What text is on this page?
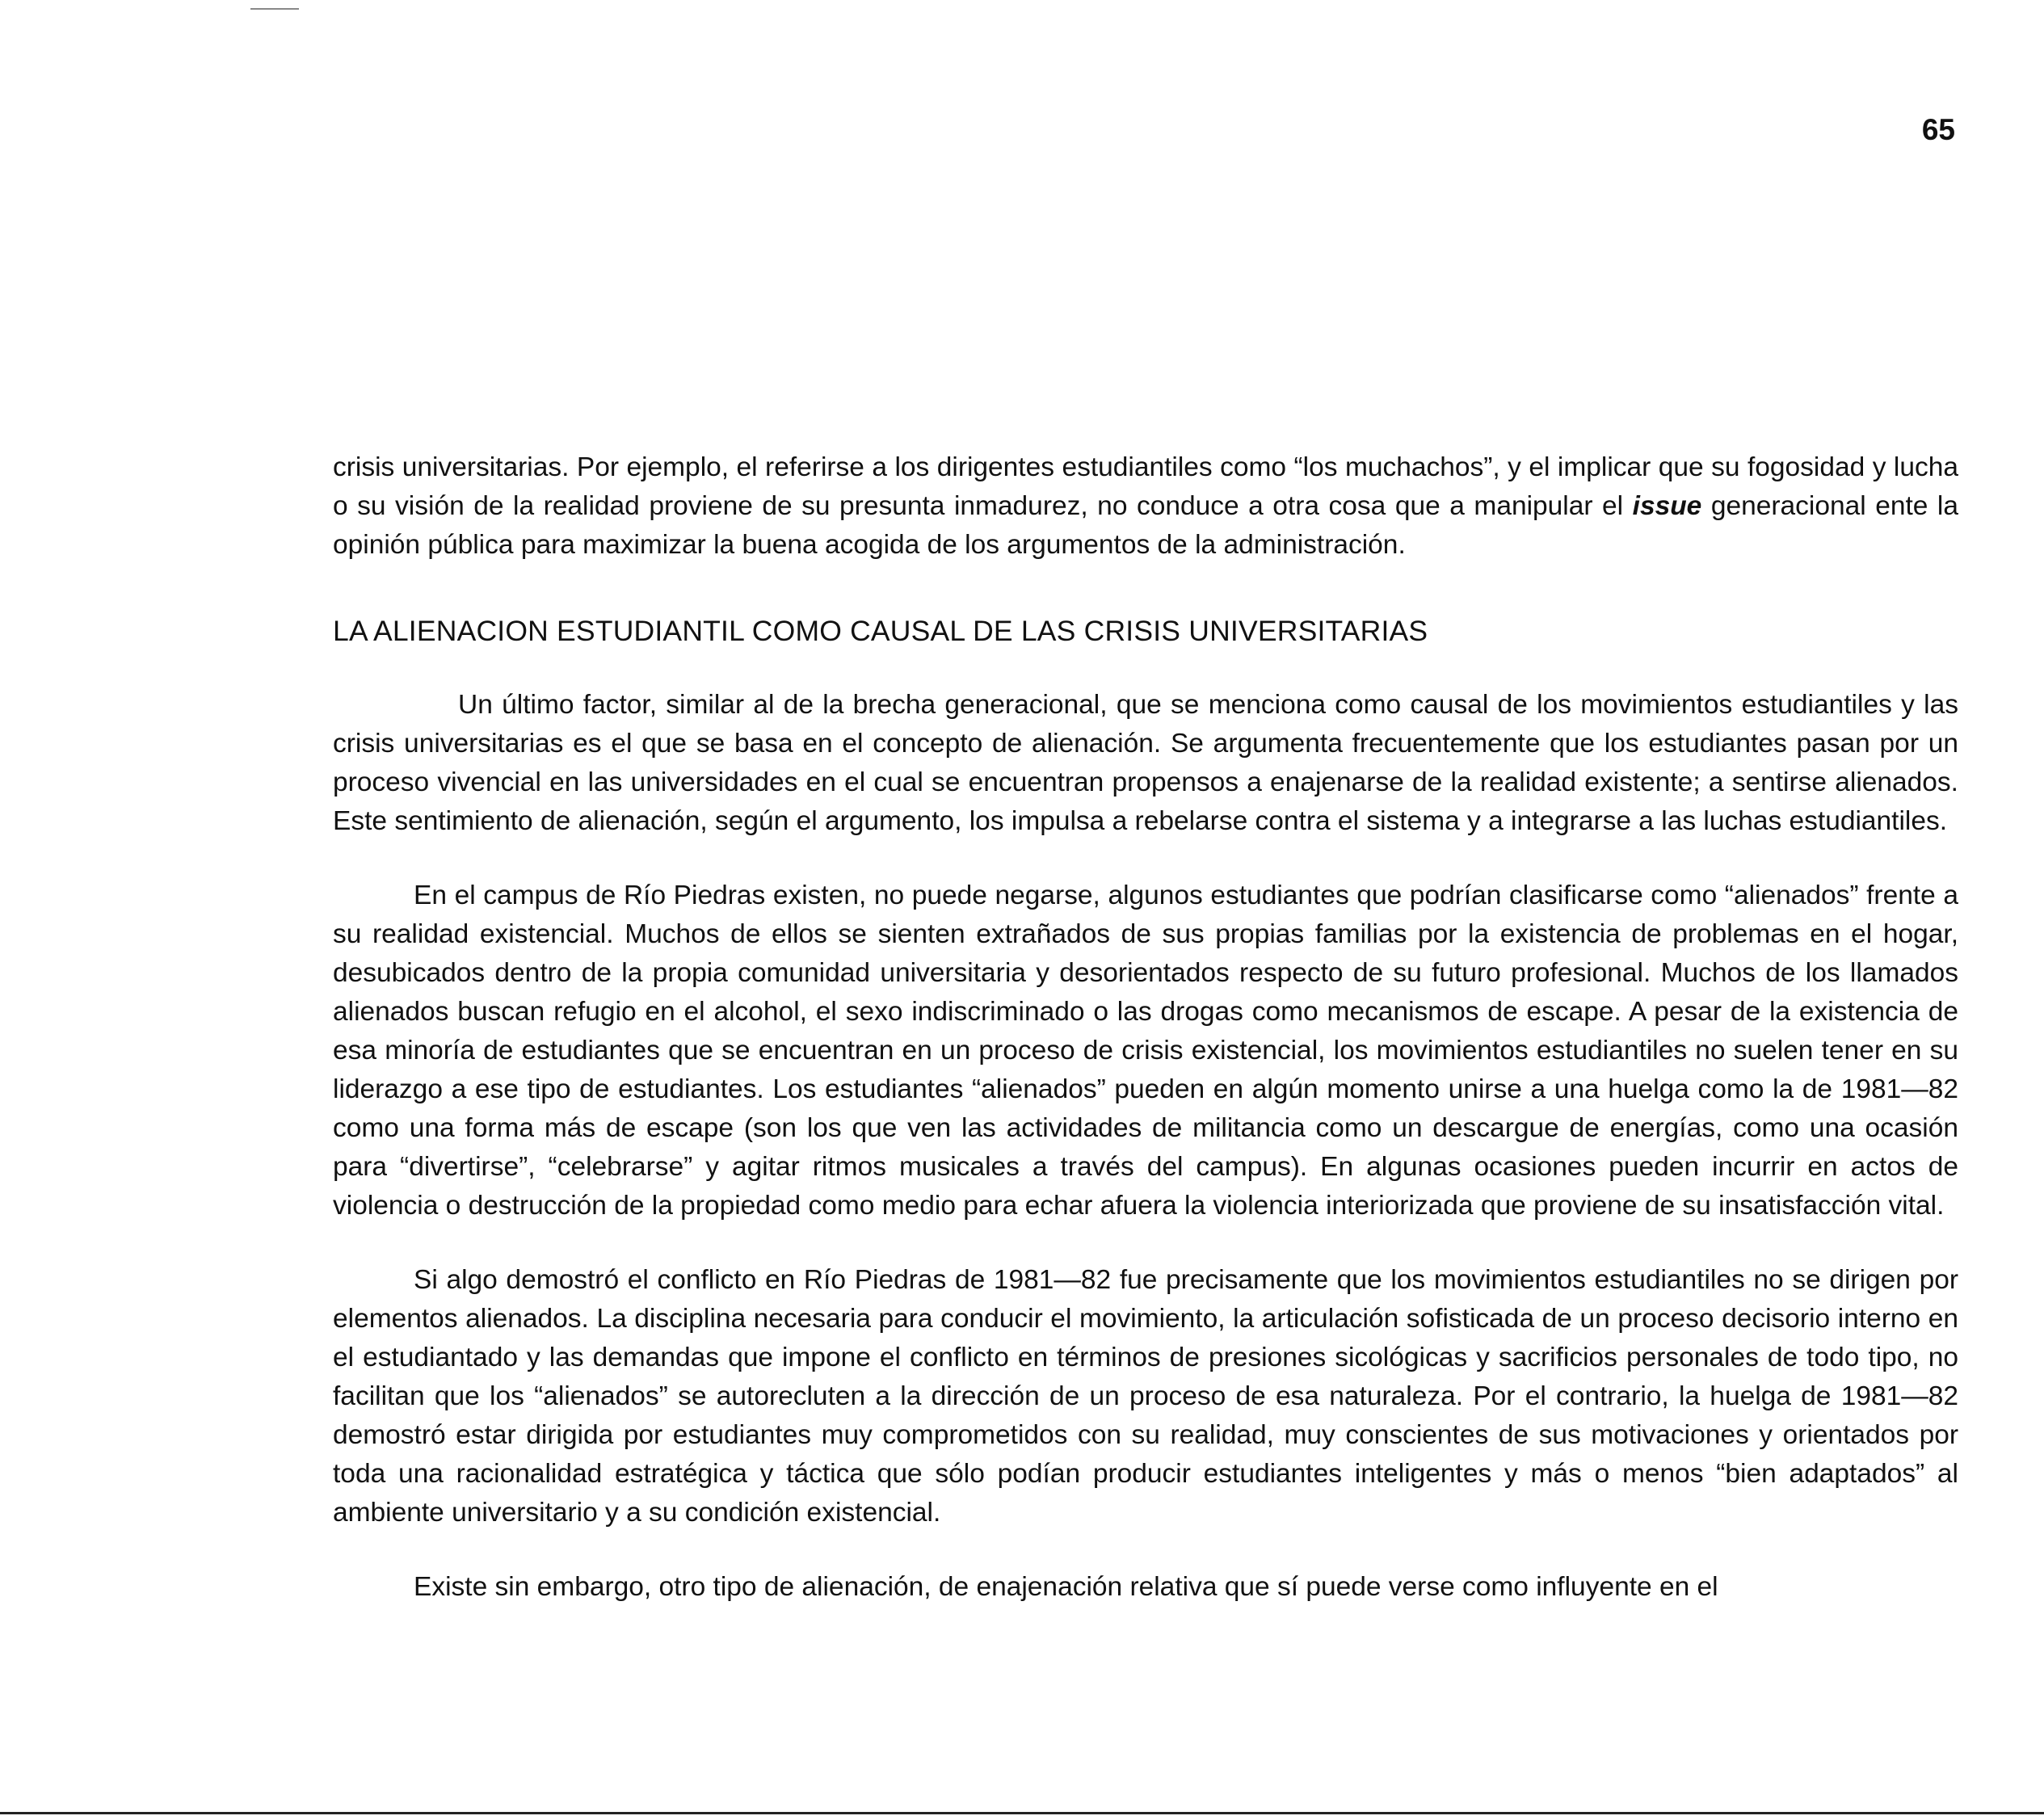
65

crisis universitarias. Por ejemplo, el referirse a los dirigentes estudiantiles como “los muchachos”, y el implicar que su fogosidad y lucha o su visión de la realidad proviene de su presunta inmadurez, no conduce a otra cosa que a manipular el issue generacional ente la opinión pública para maximizar la buena acogida de los argumentos de la administración.

LA ALIENACION ESTUDIANTIL COMO CAUSAL DE LAS CRISIS UNIVERSITARIAS

Un último factor, similar al de la brecha generacional, que se menciona como causal de los movimientos estudiantiles y las crisis universitarias es el que se basa en el concepto de alienación. Se argumenta frecuentemente que los estudiantes pasan por un proceso vivencial en las universidades en el cual se encuentran propensos a enajenarse de la realidad existente; a sentirse alienados. Este sentimiento de alienación, según el argumento, los impulsa a rebelarse contra el sistema y a integrarse a las luchas estudiantiles.

En el campus de Río Piedras existen, no puede negarse, algunos estudiantes que podrían clasificarse como “alienados” frente a su realidad existencial. Muchos de ellos se sienten extrañados de sus propias familias por la existencia de problemas en el hogar, desubicados dentro de la propia comunidad universitaria y desorientados respecto de su futuro profesional. Muchos de los llamados alienados buscan refugio en el alcohol, el sexo indiscriminado o las drogas como mecanismos de escape. A pesar de la existencia de esa minoría de estudiantes que se encuentran en un proceso de crisis existencial, los movimientos estudiantiles no suelen tener en su liderazgo a ese tipo de estudiantes. Los estudiantes “alienados” pueden en algún momento unirse a una huelga como la de 1981—82 como una forma más de escape (son los que ven las actividades de militancia como un descargue de energías, como una ocasión para “divertirse”, “celebrarse” y agitar ritmos musicales a través del campus). En algunas ocasiones pueden incurrir en actos de violencia o destrucción de la propiedad como medio para echar afuera la violencia interiorizada que proviene de su insatisfacción vital.

Si algo demostró el conflicto en Río Piedras de 1981—82 fue precisamente que los movimientos estudiantiles no se dirigen por elementos alienados. La disciplina necesaria para conducir el movimiento, la articulación sofisticada de un proceso decisorio interno en el estudiantado y las demandas que impone el conflicto en términos de presiones sicológicas y sacrificios personales de todo tipo, no facilitan que los “alienados” se autorecluten a la dirección de un proceso de esa naturaleza. Por el contrario, la huelga de 1981—82 demostró estar dirigida por estudiantes muy comprometidos con su realidad, muy conscientes de sus motivaciones y orientados por toda una racionalidad estratégica y táctica que sólo podían producir estudiantes inteligentes y más o menos “bien adaptados” al ambiente universitario y a su condición existencial.

Existe sin embargo, otro tipo de alienación, de enajenación relativa que sí puede verse como influyente en el
